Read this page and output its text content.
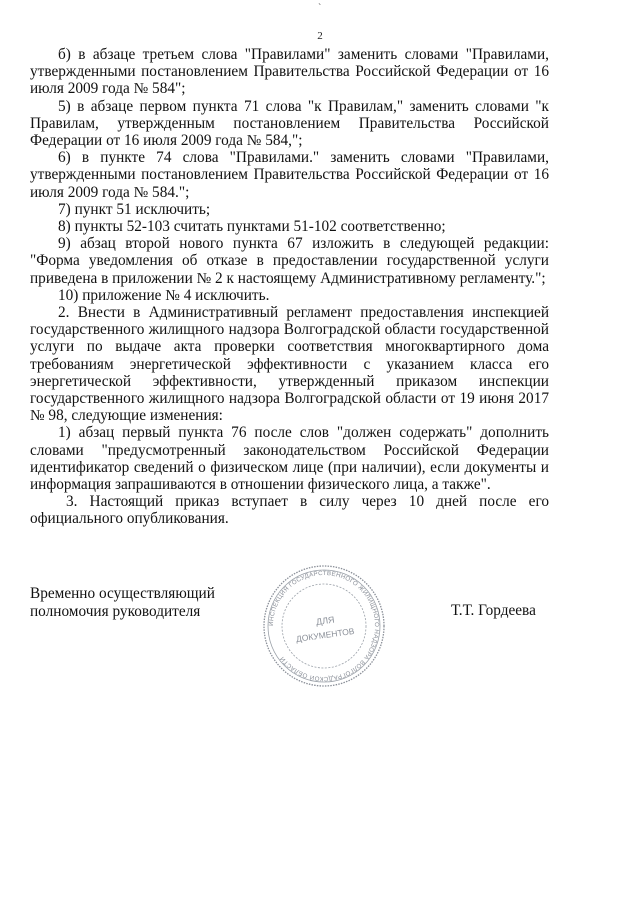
`
2

б) в абзаце третьем слова "Правилами" заменить словами "Правилами, утвержденными постановлением Правительства Российской Федерации от 16 июля 2009 года № 584";

5) в абзаце первом пункта 71 слова "к Правилам," заменить словами "к Правилам, утвержденным постановлением Правительства Российской Федерации от 16 июля 2009 года № 584,";

6) в пункте 74 слова "Правилами." заменить словами "Правилами, утвержденными постановлением Правительства Российской Федерации от 16 июля 2009 года № 584.";

7) пункт 51 исключить;

8) пункты 52-103 считать пунктами 51-102 соответственно;

9) абзац второй нового пункта 67 изложить в следующей редакции: "Форма уведомления об отказе в предоставлении государственной услуги приведена в приложении № 2 к настоящему Административному регламенту.";

10) приложение № 4 исключить.

2. Внести в Административный регламент предоставления инспекцией государственного жилищного надзора Волгоградской области государственной услуги по выдаче акта проверки соответствия многоквартирного дома требованиям энергетической эффективности с указанием класса его энергетической эффективности, утвержденный приказом инспекции государственного жилищного надзора Волгоградской области от 19 июня 2017 № 98, следующие изменения:

1) абзац первый пункта 76 после слов "должен содержать" дополнить словами "предусмотренный законодательством Российской Федерации идентификатор сведений о физическом лице (при наличии), если документы и информация запрашиваются в отношении физического лица, а также".

3. Настоящий приказ вступает в силу через 10 дней после его официального опубликования.

Временно осуществляющий
полномочия руководителя
ИНСПЕКЦИЯ ГОСУДАРСТВЕННОГО ЖИЛИЩНОГО НАДЗОРА ВОЛГОГРАДСКОЙ ОБЛАСТИ
ДЛЯ
ДОКУМЕНТОВ
Т.Т. Гордеева
